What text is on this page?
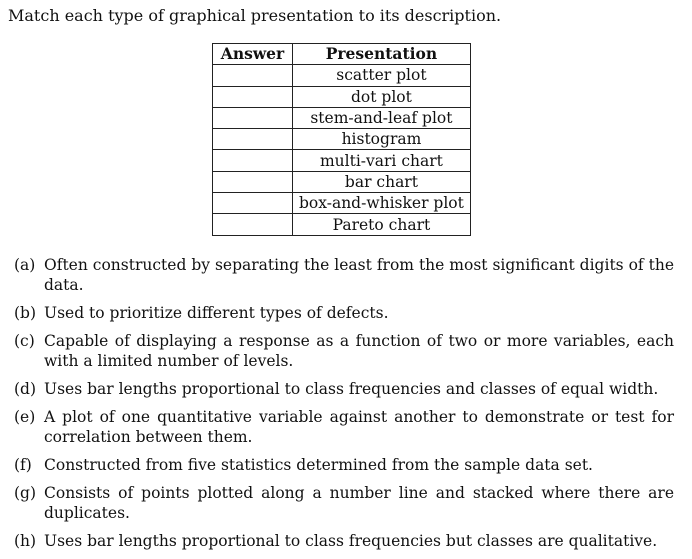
Match each type of graphical presentation to its description.
Answer	Presentation
	scatter plot
	dot plot
	stem-and-leaf plot
	histogram
	multi-vari chart
	bar chart
	box-and-whisker plot
	Pareto chart
(a) Often constructed by separating the least from the most significant digits of the data.
(b) Used to prioritize different types of defects.
(c) Capable of displaying a response as a function of two or more variables, each with a limited number of levels.
(d) Uses bar lengths proportional to class frequencies and classes of equal width.
(e) A plot of one quantitative variable against another to demonstrate or test for correlation between them.
(f) Constructed from five statistics determined from the sample data set.
(g) Consists of points plotted along a number line and stacked where there are duplicates.
(h) Uses bar lengths proportional to class frequencies but classes are qualitative.
